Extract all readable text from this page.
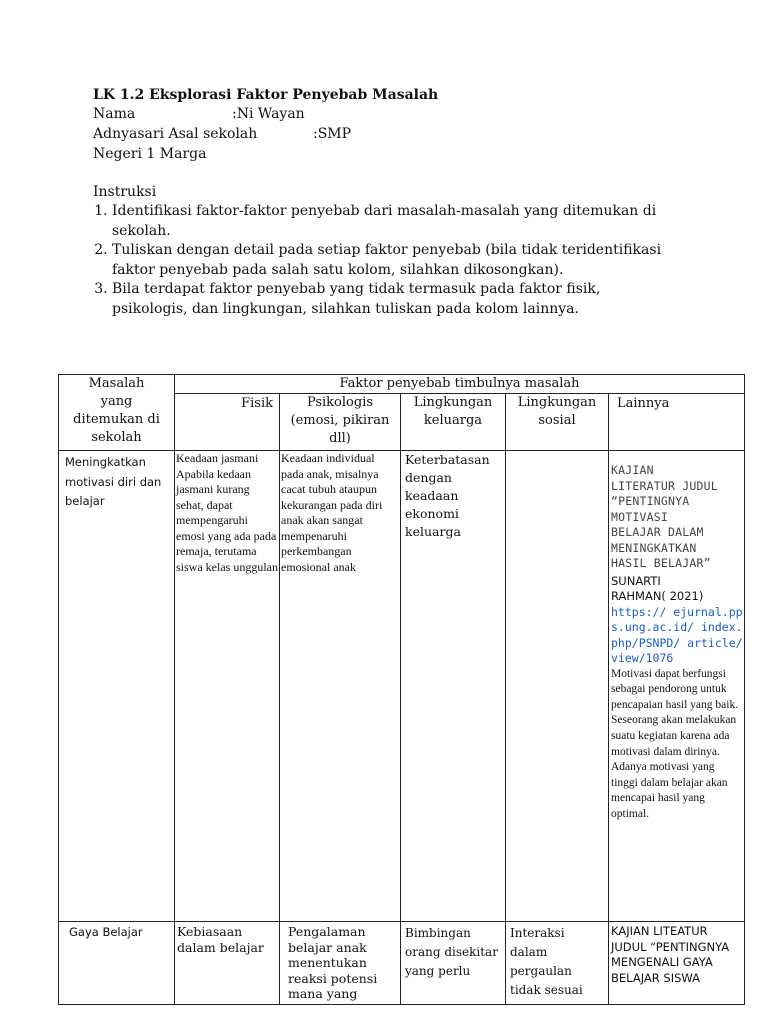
LK 1.2 Eksplorasi Faktor Penyebab Masalah
Nama	:Ni Wayan
Adnyasari Asal sekolah	:SMP
Negeri 1 Marga
Instruksi
1. Identifikasi faktor-faktor penyebab dari masalah-masalah yang ditemukan di sekolah.
2. Tuliskan dengan detail pada setiap faktor penyebab (bila tidak teridentifikasi faktor penyebab pada salah satu kolom, silahkan dikosongkan).
3. Bila terdapat faktor penyebab yang tidak termasuk pada faktor fisik, psikologis, dan lingkungan, silahkan tuliskan pada kolom lainnya.
Masalah yang ditemukan di sekolah	Faktor penyebab timbulnya masalah				
	Fisik	Psikologis (emosi, pikiran dll)	Lingkungan keluarga	Lingkungan sosial	Lainnya
Meningkatkan motivasi diri dan belajar	Keadaan jasmani Apabila kedaan jasmani kurang sehat, dapat mempengaruhi emosi yang ada pada remaja, terutama siswa kelas unggulan	Keadaan individual pada anak, misalnya cacat tubuh ataupun kekurangan pada diri anak akan sangat mempenaruhi perkembangan emosional anak	Keterbatasan dengan keadaan ekonomi keluarga		KAJIAN LITERATUR JUDUL “PENTINGNYA MOTIVASI BELAJAR DALAM MENINGKATKAN HASIL BELAJAR”
SUNARTI RAHMAN( 2021)
https:// ejurnal.pps.ung.ac.id/ index.php/PSNPD/ article/view/1076
Motivasi dapat berfungsi sebagai pendorong untuk pencapaian hasil yang baik. Seseorang akan melakukan suatu kegiatan karena ada motivasi dalam dirinya. Adanya motivasi yang tinggi dalam belajar akan mencapai hasil yang optimal.

Gaya Belajar	Kebiasaan dalam belajar	Pengalaman belajar anak menentukan reaksi potensi mana yang	Bimbingan orang disekitar yang perlu	Interaksi dalam pergaulan tidak sesuai	KAJIAN LITEATUR JUDUL “PENTINGNYA MENGENALI GAYA BELAJAR SISWA
